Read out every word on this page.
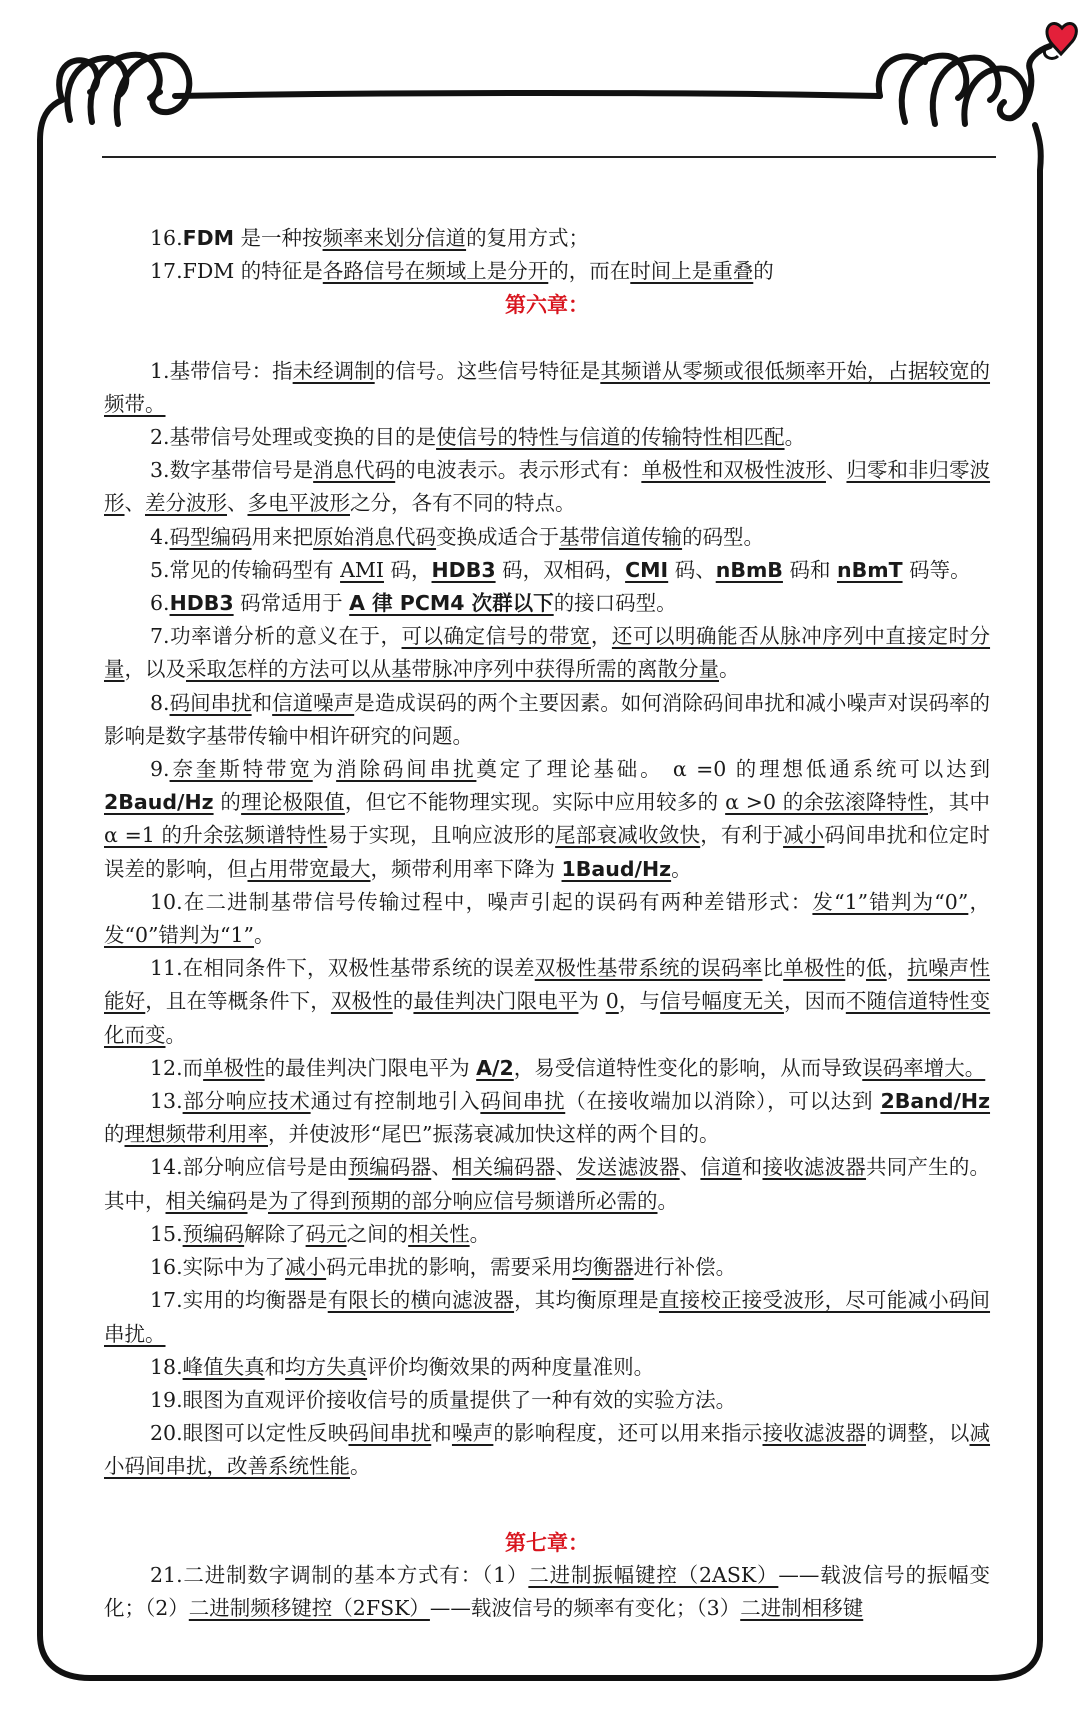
16.FDM 是一种按频率来划分信道的复用方式；

17.FDM 的特征是各路信号在频域上是分开的，而在时间上是重叠的

第六章：

1.基带信号：指未经调制的信号。这些信号特征是其频谱从零频或很低频率开始，占据较宽的频带。

2.基带信号处理或变换的目的是使信号的特性与信道的传输特性相匹配。

3.数字基带信号是消息代码的电波表示。表示形式有：单极性和双极性波形、归零和非归零波形、差分波形、多电平波形之分，各有不同的特点。

4.码型编码用来把原始消息代码变换成适合于基带信道传输的码型。

5.常见的传输码型有 AMI 码，HDB3 码，双相码，CMI 码、nBmB 码和 nBmT 码等。

6.HDB3 码常适用于 A 律 PCM4 次群以下的接口码型。

7.功率谱分析的意义在于，可以确定信号的带宽，还可以明确能否从脉冲序列中直接定时分量，以及采取怎样的方法可以从基带脉冲序列中获得所需的离散分量。

8.码间串扰和信道噪声是造成误码的两个主要因素。如何消除码间串扰和减小噪声对误码率的影响是数字基带传输中相许研究的问题。

9.奈奎斯特带宽为消除码间串扰奠定了理论基础。 α =0 的理想低通系统可以达到 2Baud/Hz 的理论极限值，但它不能物理实现。实际中应用较多的 α >0 的余弦滚降特性，其中 α =1 的升余弦频谱特性易于实现，且响应波形的尾部衰减收敛快，有利于减小码间串扰和位定时误差的影响，但占用带宽最大，频带利用率下降为 1Baud/Hz。

10.在二进制基带信号传输过程中，噪声引起的误码有两种差错形式：发“1”错判为“0”，发“0”错判为“1”。

11.在相同条件下，双极性基带系统的误差双极性基带系统的误码率比单极性的低，抗噪声性能好，且在等概条件下，双极性的最佳判决门限电平为 0，与信号幅度无关，因而不随信道特性变化而变。

12.而单极性的最佳判决门限电平为 A/2，易受信道特性变化的影响，从而导致误码率增大。

13.部分响应技术通过有控制地引入码间串扰（在接收端加以消除），可以达到 2Band/Hz 的理想频带利用率，并使波形“尾巴”振荡衰减加快这样的两个目的。

14.部分响应信号是由预编码器、相关编码器、发送滤波器、信道和接收滤波器共同产生的。其中，相关编码是为了得到预期的部分响应信号频谱所必需的。

15.预编码解除了码元之间的相关性。

16.实际中为了减小码元串扰的影响，需要采用均衡器进行补偿。

17.实用的均衡器是有限长的横向滤波器，其均衡原理是直接校正接受波形，尽可能减小码间串扰。

18.峰值失真和均方失真评价均衡效果的两种度量准则。

19.眼图为直观评价接收信号的质量提供了一种有效的实验方法。

20.眼图可以定性反映码间串扰和噪声的影响程度，还可以用来指示接收滤波器的调整，以减小码间串扰，改善系统性能。

第七章：

21.二进制数字调制的基本方式有：（1）二进制振幅键控（2ASK）——载波信号的振幅变化；（2）二进制频移键控（2FSK）——载波信号的频率有变化；（3）二进制相移键
